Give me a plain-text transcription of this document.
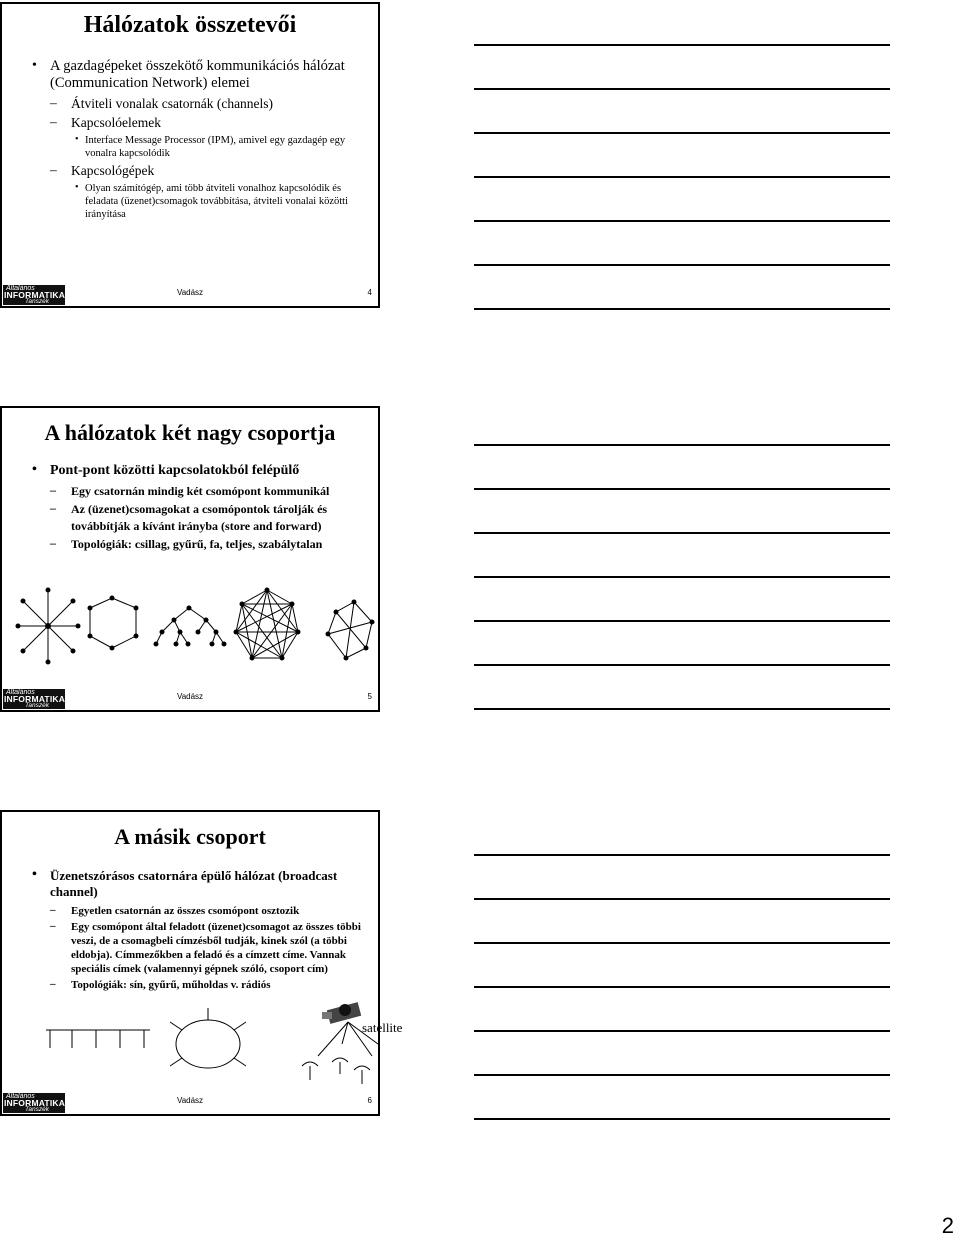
Hálózatok összetevői

• A gazdagépeket összekötő kommunikációs hálózat (Communication Network) elemei

– Átviteli vonalak csatornák (channels)

– Kapcsolóelemek

• Interface Message Processor (IPM), amivel egy gazdagép egy vonalra kapcsolódik

– Kapcsológépek

• Olyan számítógép, ami több átviteli vonalhoz kapcsolódik és feladata (üzenet)csomagok továbbítása, átviteli vonalai közötti irányítása

Általános
INFORMATIKAI
Tanszék
Vadász	4
A hálózatok két nagy csoportja

• Pont‑pont közötti kapcsolatokból felépülő

– Egy csatornán mindig két csomópont kommunikál

– Az (üzenet)csomagokat a csomópontok tárolják és továbbítják a kívánt irányba (store and forward)

– Topológiák: csillag, gyűrű, fa, teljes, szabálytalan

Általános
INFORMATIKAI
Tanszék
Vadász	5
A másik csoport

• Üzenetszórásos csatornára épülő hálózat (broadcast channel)

– Egyetlen csatornán az összes csomópont osztozik

– Egy csomópont által feladott (üzenet)csomagot az összes többi veszi, de a csomagbeli címzésből tudják, kinek szól (a többi eldobja). Címmezőkben a feladó és a címzett címe. Vannak speciális címek (valamennyi gépnek szóló, csoport cím)

– Topológiák: sín, gyűrű, műholdas v. rádiós

satellite
Általános
INFORMATIKAI
Tanszék
Vadász	6
2
